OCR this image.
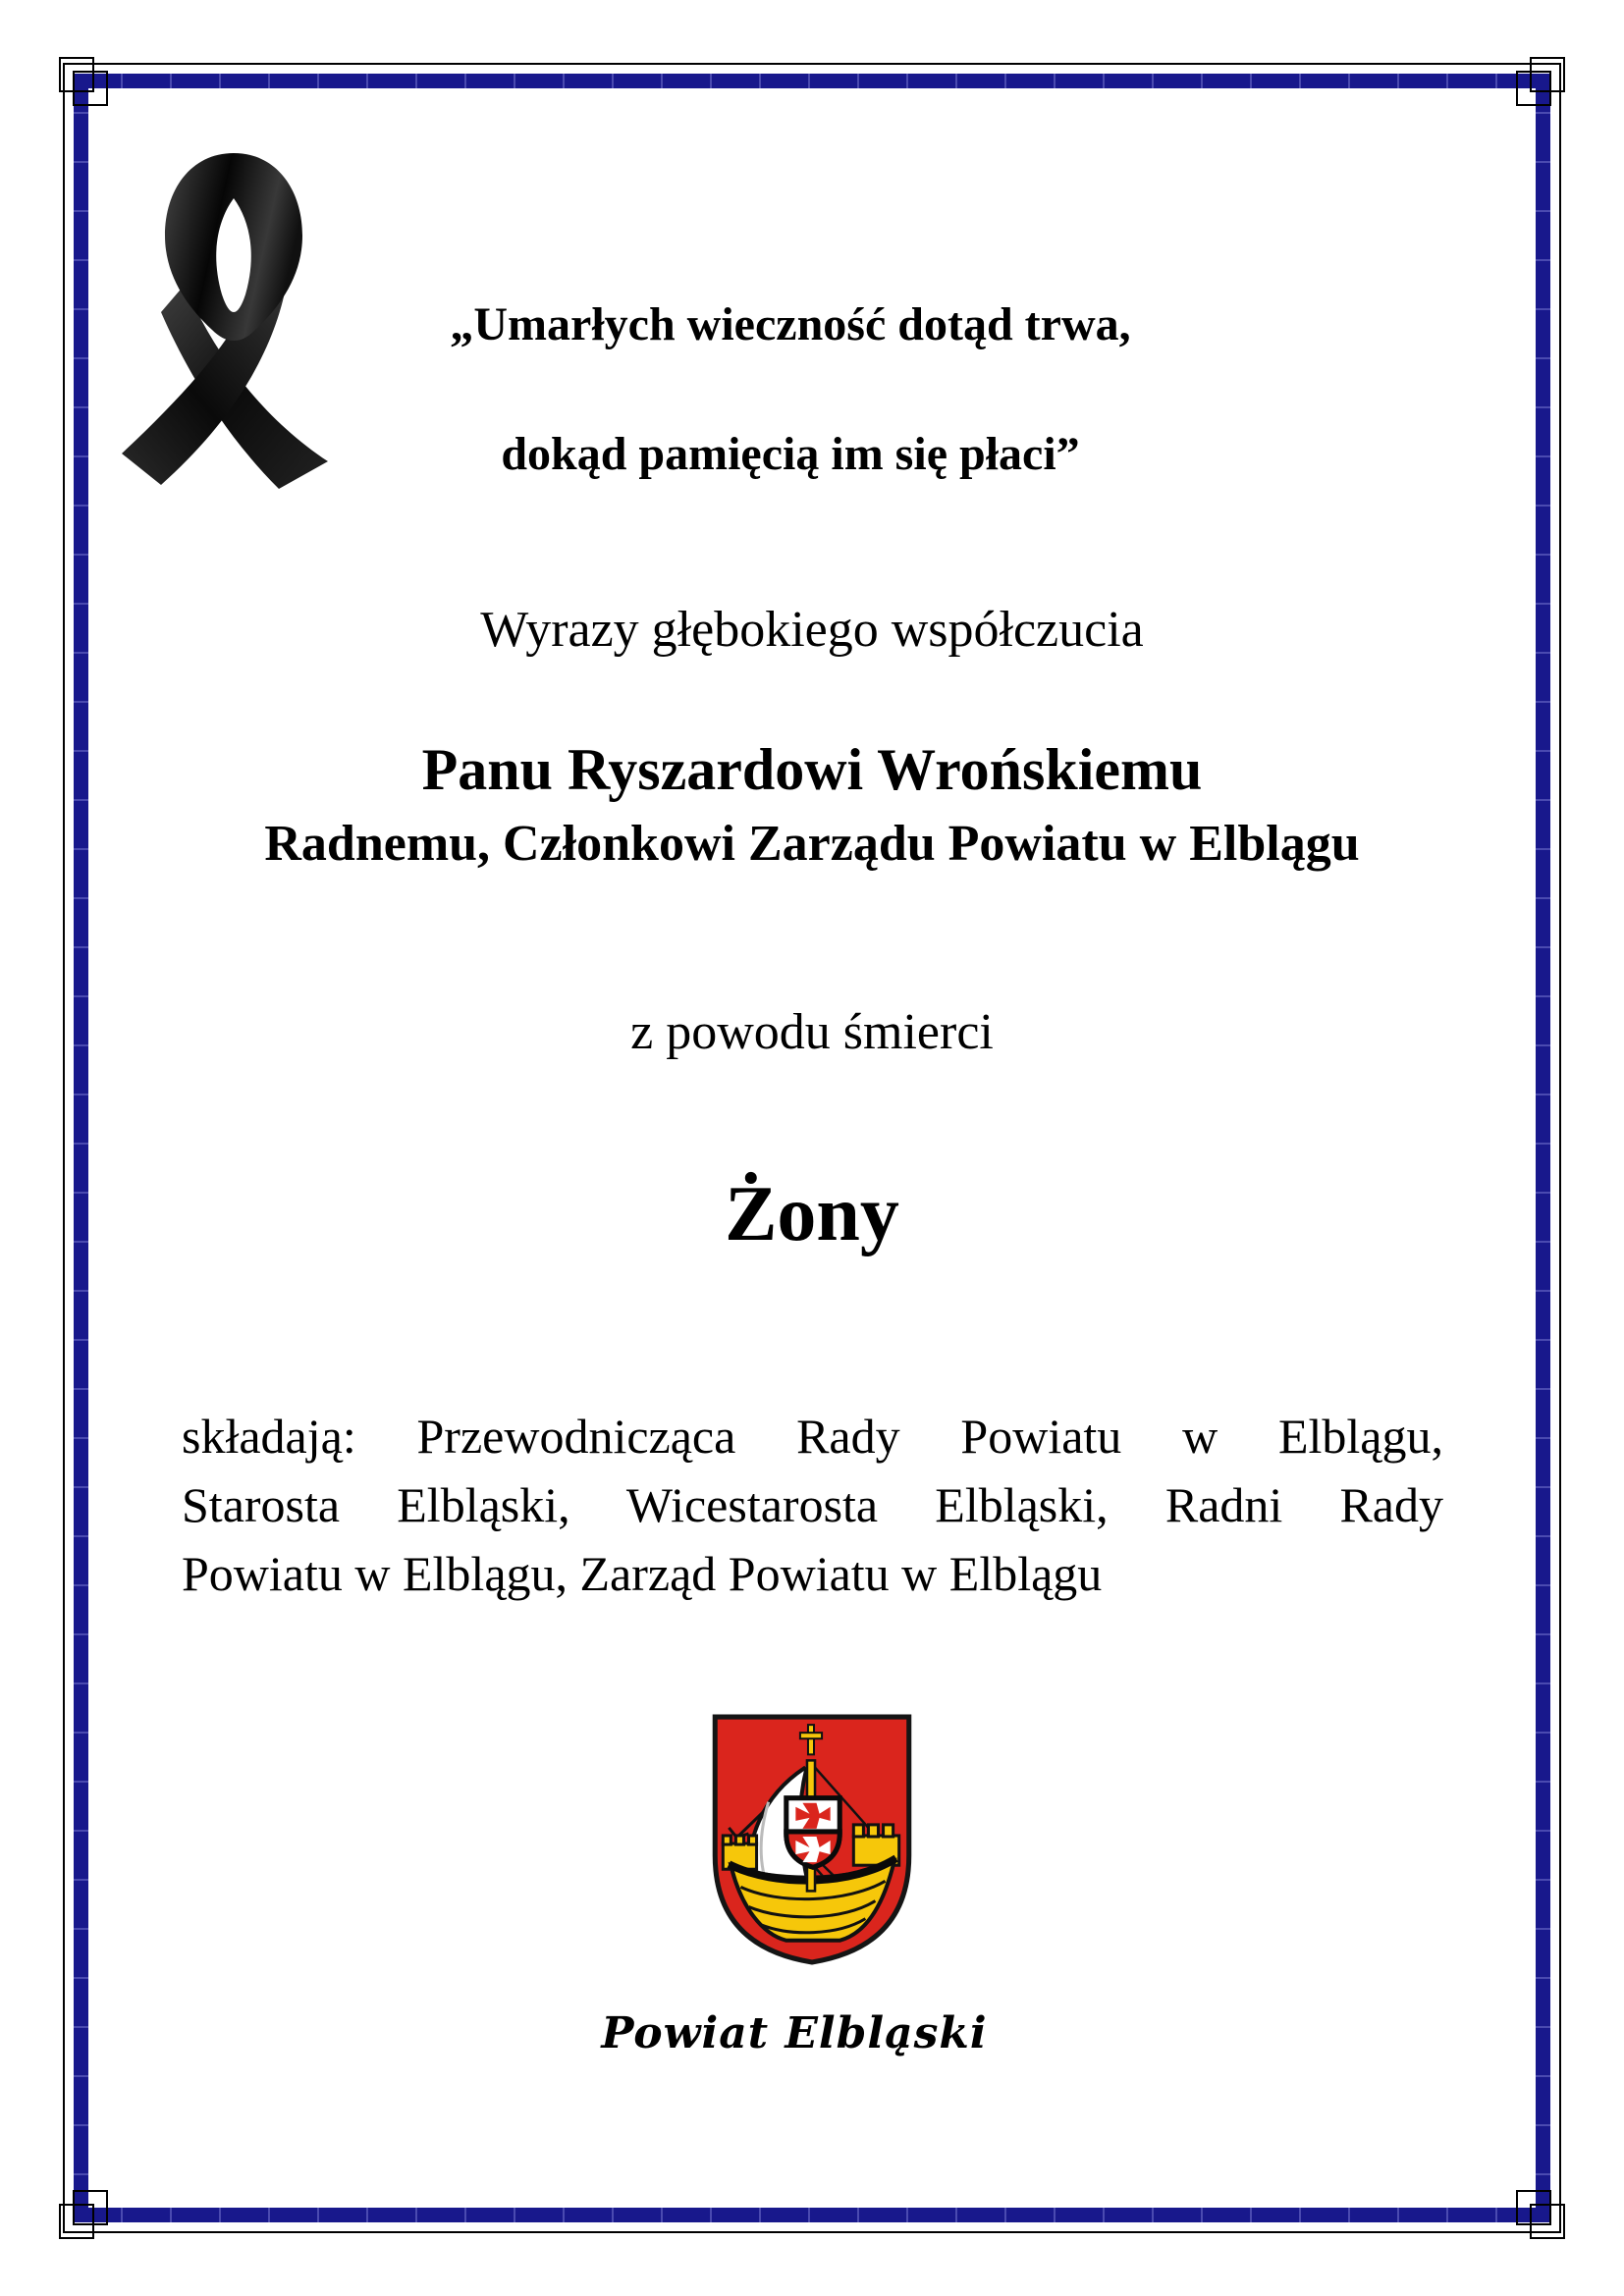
„Umarłych wieczność dotąd trwa,

dokąd pamięcią im się płaci”

Wyrazy głębokiego współczucia
Panu Ryszardowi Wrońskiemu
Radnemu, Członkowi Zarządu Powiatu w Elblągu
z powodu śmierci
Żony
składają: Przewodnicząca Rady Powiatu w Elblągu,
Starosta Elbląski, Wicestarosta Elbląski, Radni Rady
Powiatu w Elblągu, Zarząd Powiatu w Elblągu
Powiat Elbląski
